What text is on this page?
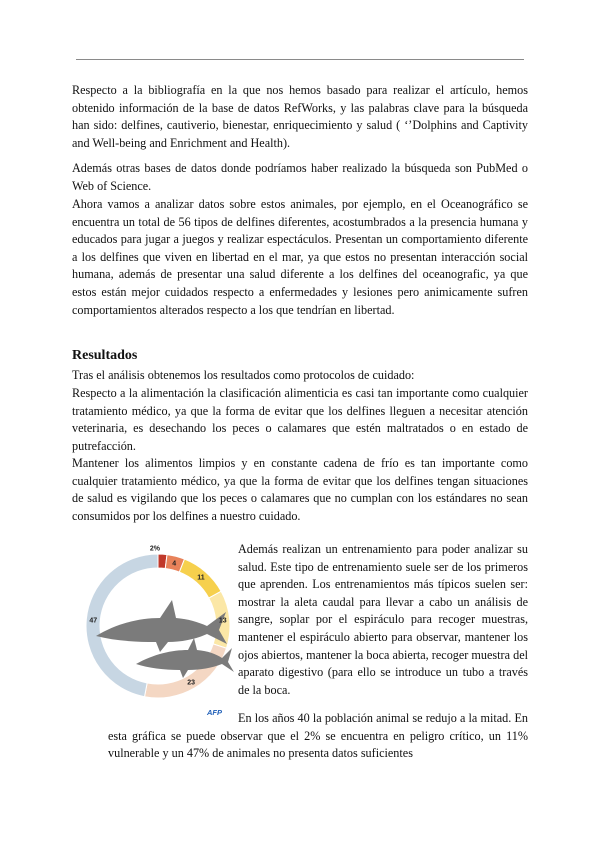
Respecto a la bibliografía en la que nos hemos basado para realizar el artículo, hemos obtenido información de la base de datos RefWorks, y las palabras clave para la búsqueda han sido: delfines, cautiverio, bienestar, enriquecimiento y salud ( ‘’Dolphins and Captivity and Well-being and Enrichment and Health).

Además otras bases de datos donde podríamos haber realizado la búsqueda son PubMed o Web of Science.

Ahora vamos a analizar datos sobre estos animales, por ejemplo, en el Oceanográfico se encuentra un total de 56 tipos de delfines diferentes, acostumbrados a la presencia humana y educados para jugar a juegos y realizar espectáculos. Presentan un comportamiento diferente a los delfines que viven en libertad en el mar, ya que estos no presentan interacción social humana, además de presentar una salud diferente a los delfines del oceanografic, ya que estos están mejor cuidados respecto a enfermedades y lesiones pero animicamente sufren comportamientos alterados respecto a los que tendrían en libertad.

Resultados

Tras el análisis obtenemos los resultados como protocolos de cuidado:

Respecto a la alimentación la clasificación alimenticia es casi tan importante como cualquier tratamiento médico, ya que la forma de evitar que los delfines lleguen a necesitar atención veterinaria, es desechando los peces o calamares que estén maltratados o en estado de putrefacción.

Mantener los alimentos limpios y en constante cadena de frío es tan importante como cualquier tratamiento médico, ya que la forma de evitar que los delfines tengan situaciones de salud es vigilando que los peces o calamares que no cumplan con los estándares no sean consumidos por los delfines a nuestro cuidado.

2%
4
11
13
23
47
AFP

Además realizan un entrenamiento para poder analizar su salud. Este tipo de entrenamiento suele ser de los primeros que aprenden. Los entrenamientos más típicos suelen ser: mostrar la aleta caudal para llevar a cabo un análisis de sangre, soplar por el espiráculo para recoger muestras, mantener el espiráculo abierto para observar, mantener los ojos abiertos, mantener la boca abierta, recoger muestra del aparato digestivo (para ello se introduce un tubo a través de la boca.

En los años 40 la población animal se redujo a la mitad. En esta gráfica se puede observar que el 2% se encuentra en peligro crítico, un 11% vulnerable y un 47% de animales no presenta datos suficientes
